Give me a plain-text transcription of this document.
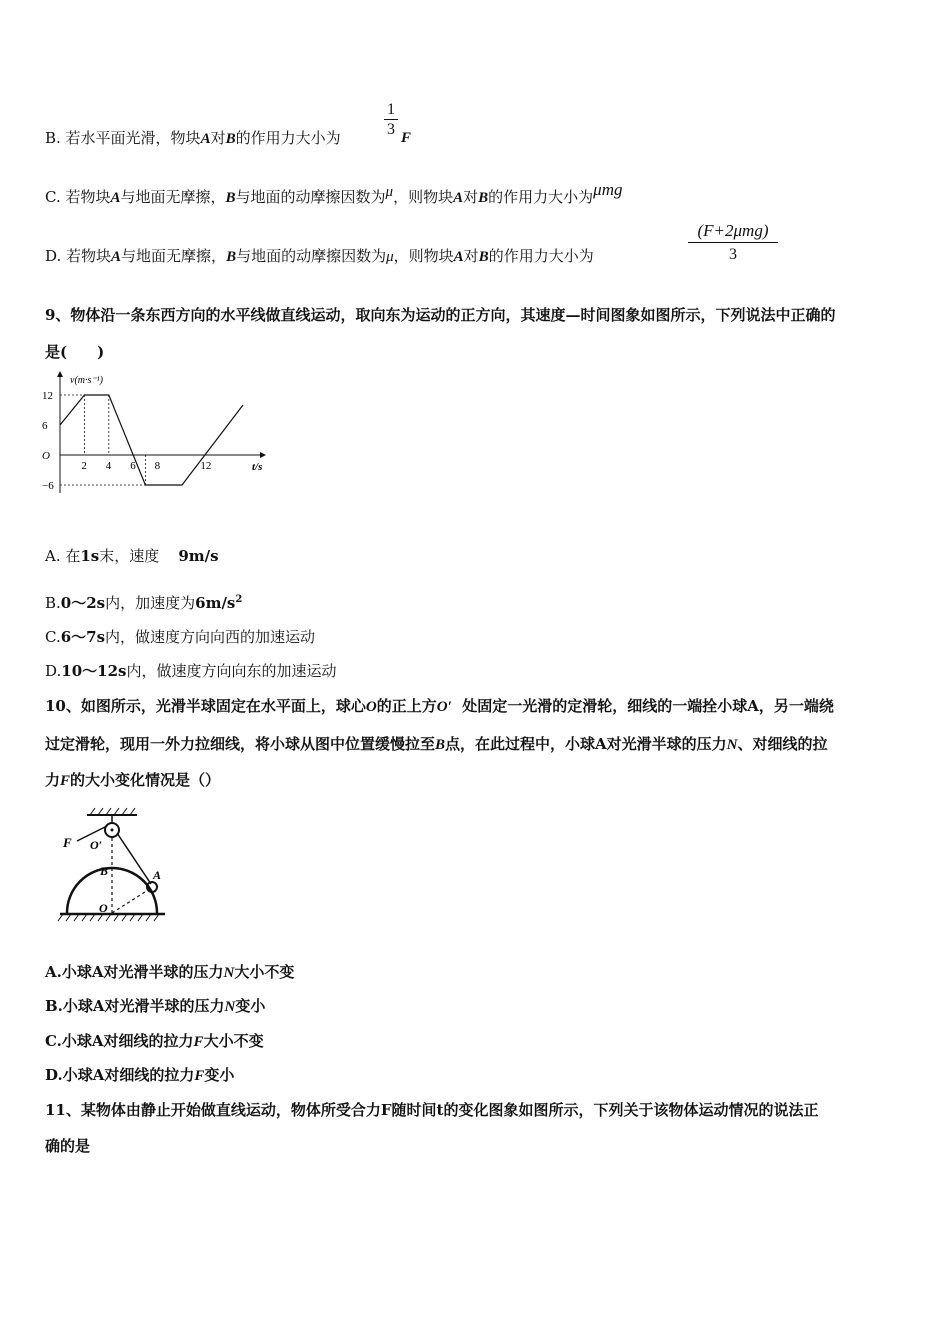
B. 若水平面光滑，物块A对B的作用力大小为
1
3 F
C. 若物块A与地面无摩擦，B与地面的动摩擦因数为μ，则物块A对B的作用力大小为μmg
D. 若物块A与地面无摩擦，B与地面的动摩擦因数为μ，则物块A对B的作用力大小为
(F+2μmg)
3
9、物体沿一条东西方向的水平线做直线运动，取向东为运动的正方向，其速度—时间图象如图所示，下列说法中正确的
是(　　)
v(m·s⁻¹)
t/s
2 4 6 8	12
12
6
O
−6
A. 在1s末，速度 9m/s
B.0～2s内，加速度为$6m/s^2$
C.6～7s内，做速度方向向西的加速运动
D.10～12s内，做速度方向向东的加速运动
10、如图所示，光滑半球固定在水平面上，球心O的正上方O′ 处固定一光滑的定滑轮，细线的一端拴小球A，另一端绕
过定滑轮，现用一外力拉细线，将小球从图中位置缓慢拉至B点，在此过程中，小球A对光滑半球的压力N、对细线的拉
力F的大小变化情况是（）
F O′
B	A
O
A.小球A对光滑半球的压力N大小不变
B.小球A对光滑半球的压力N变小
C.小球A对细线的拉力F大小不变
D.小球A对细线的拉力F变小
11、某物体由静止开始做直线运动，物体所受合力F随时间t的变化图象如图所示，下列关于该物体运动情况的说法正
确的是
